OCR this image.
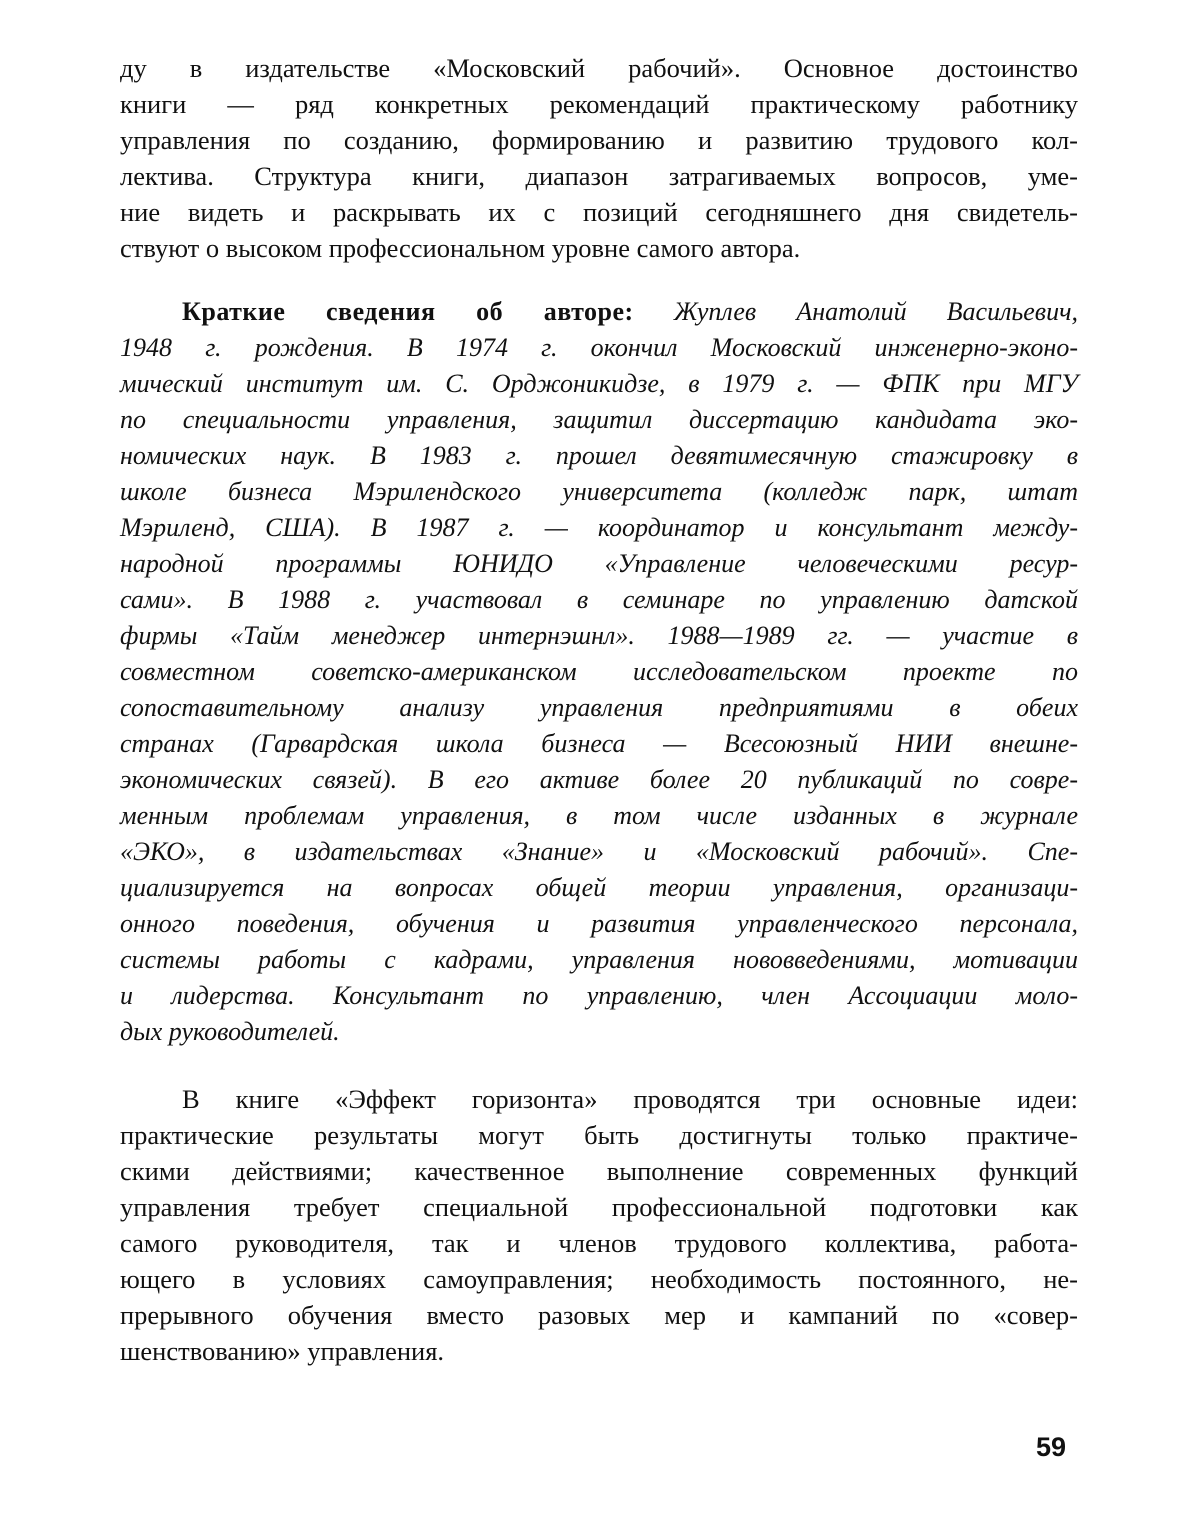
ду в издательстве «Московский рабочий». Основное достоинство
книги — ряд конкретных рекомендаций практическому работнику
управления по созданию, формированию и развитию трудового кол-
лектива. Структура книги, диапазон затрагиваемых вопросов, уме-
ние видеть и раскрывать их с позиций сегодняшнего дня свидетель-
ствуют о высоком профессиональном уровне самого автора.
Краткие сведения об авторе: Жуплев Анатолий Васильевич,
1948 г. рождения. В 1974 г. окончил Московский инженерно-эконо-
мический институт им. С. Орджоникидзе, в 1979 г. — ФПК при МГУ
по специальности управления, защитил диссертацию кандидата эко-
номических наук. В 1983 г. прошел девятимесячную стажировку в
школе бизнеса Мэрилендского университета (колледж парк, штат
Мэриленд, США). В 1987 г. — координатор и консультант между-
народной программы ЮНИДО «Управление человеческими ресур-
сами». В 1988 г. участвовал в семинаре по управлению датской
фирмы «Тайм менеджер интернэшнл». 1988—1989 гг. — участие в
совместном советско-американском исследовательском проекте по
сопоставительному анализу управления предприятиями в обеих
странах (Гарвардская школа бизнеса — Всесоюзный НИИ внешне-
экономических связей). В его активе более 20 публикаций по совре-
менным проблемам управления, в том числе изданных в журнале
«ЭКО», в издательствах «Знание» и «Московский рабочий». Спе-
циализируется на вопросах общей теории управления, организаци-
онного поведения, обучения и развития управленческого персонала,
системы работы с кадрами, управления нововведениями, мотивации
и лидерства. Консультант по управлению, член Ассоциации моло-
дых руководителей.
В книге «Эффект горизонта» проводятся три основные идеи:
практические результаты могут быть достигнуты только практиче-
скими действиями; качественное выполнение современных функций
управления требует специальной профессиональной подготовки как
самого руководителя, так и членов трудового коллектива, работа-
ющего в условиях самоуправления; необходимость постоянного, не-
прерывного обучения вместо разовых мер и кампаний по «совер-
шенствованию» управления.
59
